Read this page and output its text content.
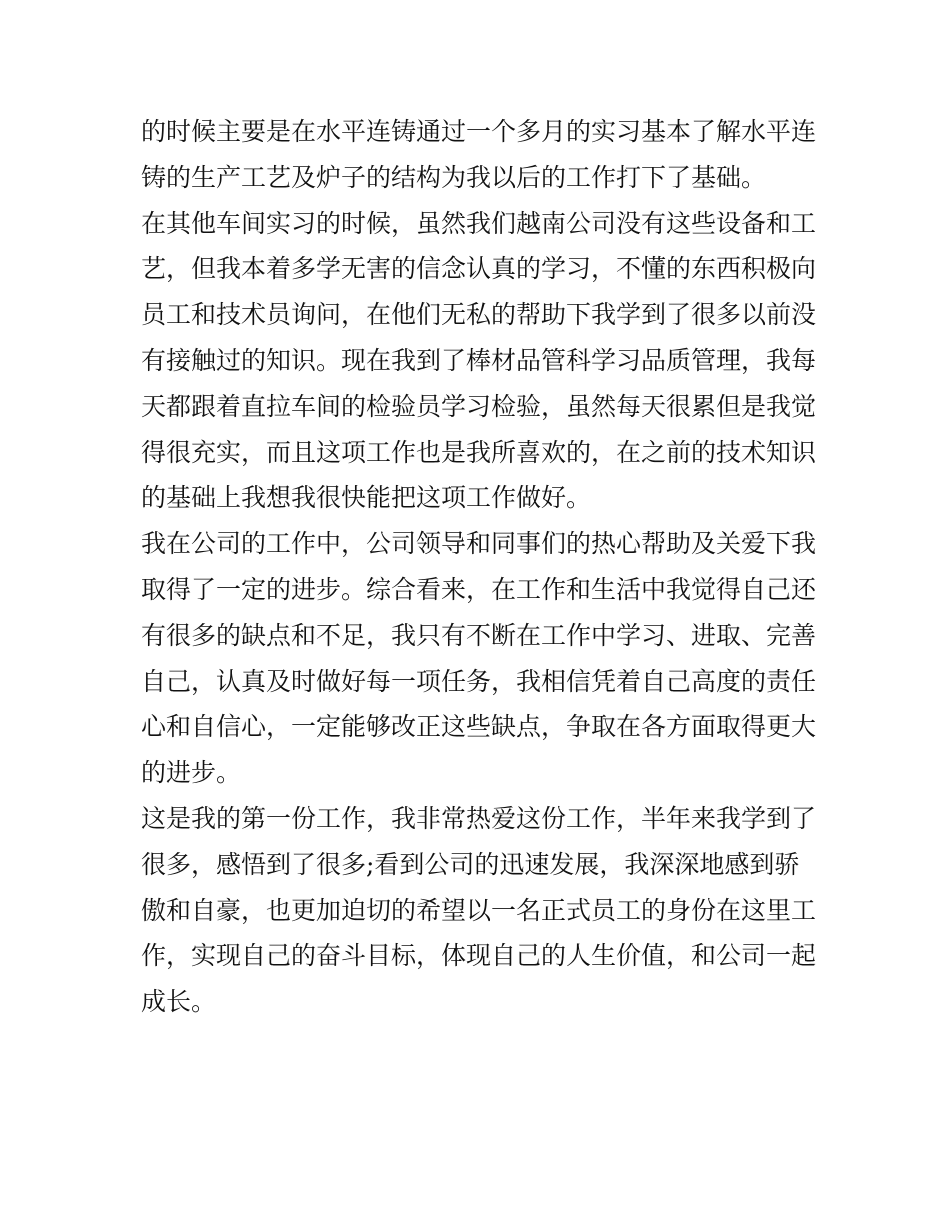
的时候主要是在水平连铸通过一个多月的实习基本了解水平连
铸的生产工艺及炉子的结构为我以后的工作打下了基础。
在其他车间实习的时候，虽然我们越南公司没有这些设备和工
艺，但我本着多学无害的信念认真的学习，不懂的东西积极向
员工和技术员询问，在他们无私的帮助下我学到了很多以前没
有接触过的知识。现在我到了棒材品管科学习品质管理，我每
天都跟着直拉车间的检验员学习检验，虽然每天很累但是我觉
得很充实，而且这项工作也是我所喜欢的，在之前的技术知识
的基础上我想我很快能把这项工作做好。
我在公司的工作中，公司领导和同事们的热心帮助及关爱下我
取得了一定的进步。综合看来，在工作和生活中我觉得自己还
有很多的缺点和不足，我只有不断在工作中学习、进取、完善
自己，认真及时做好每一项任务，我相信凭着自己高度的责任
心和自信心，一定能够改正这些缺点，争取在各方面取得更大
的进步。
这是我的第一份工作，我非常热爱这份工作，半年来我学到了
很多，感悟到了很多;看到公司的迅速发展，我深深地感到骄
傲和自豪，也更加迫切的希望以一名正式员工的身份在这里工
作，实现自己的奋斗目标，体现自己的人生价值，和公司一起
成长。
